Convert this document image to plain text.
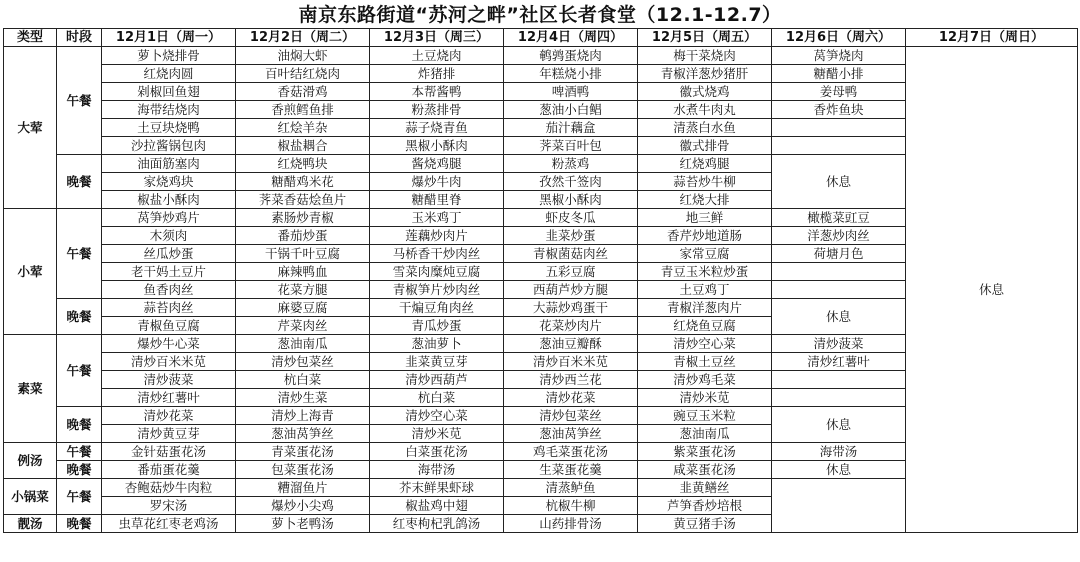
南京东路街道“苏河之畔”社区长者食堂（12.1-12.7）
类型	时段	12月1日（周一）	12月2日（周二）	12月3日（周三）	12月4日（周四）	12月5日（周五）	12月6日（周六）	12月7日（周日）
大荤	午餐	萝卜烧排骨	油焖大虾	土豆烧肉	鹌鹑蛋烧肉	梅干菜烧肉	莴笋烧肉	休息
		红烧肉圆	百叶结红烧肉	炸猪排	年糕烧小排	青椒洋葱炒猪肝	糖醋小排	
		剁椒回鱼翅	香菇滑鸡	本帮酱鸭	啤酒鸭	徽式烧鸡	姜母鸭	
		海带结烧肉	香煎鳕鱼排	粉蒸排骨	葱油小白鲳	水煮牛肉丸	香炸鱼块	
		土豆块烧鸭	红烩羊杂	蒜子烧青鱼	茄汁藕盒	清蒸白水鱼		
		沙拉酱锅包肉	椒盐耦合	黑椒小酥肉	荠菜百叶包	徽式排骨		
	晚餐	油面筋塞肉	红烧鸭块	酱烧鸡腿	粉蒸鸡	红烧鸡腿	休息	
		家烧鸡块	糖醋鸡米花	爆炒牛肉	孜然千签肉	蒜苔炒牛柳		
		椒盐小酥肉	荠菜香菇烩鱼片	糖醋里脊	黑椒小酥肉	红烧大排		
小荤	午餐	莴笋炒鸡片	素肠炒青椒	玉米鸡丁	虾皮冬瓜	地三鲜	橄榄菜豇豆	
		木须肉	番茄炒蛋	莲藕炒肉片	韭菜炒蛋	香芹炒地道肠	洋葱炒肉丝	
		丝瓜炒蛋	干锅千叶豆腐	马桥香干炒肉丝	青椒菌菇肉丝	家常豆腐	荷塘月色	
		老干妈土豆片	麻辣鸭血	雪菜肉糜炖豆腐	五彩豆腐	青豆玉米粒炒蛋		
		鱼香肉丝	花菜方腿	青椒笋片炒肉丝	西葫芦炒方腿	土豆鸡丁		
	晚餐	蒜苔肉丝	麻婆豆腐	干煸豆角肉丝	大蒜炒鸡蛋干	青椒洋葱肉片	休息	
		青椒鱼豆腐	芹菜肉丝	青瓜炒蛋	花菜炒肉片	红烧鱼豆腐		
素菜	午餐	爆炒牛心菜	葱油南瓜	葱油萝卜	葱油豆瓣酥	清炒空心菜	清炒菠菜	
		清炒百米米苋	清炒包菜丝	韭菜黄豆芽	清炒百米米苋	青椒土豆丝	清炒红薯叶	
		清炒菠菜	杭白菜	清炒西葫芦	清炒西兰花	清炒鸡毛菜		
		清炒红薯叶	清炒生菜	杭白菜	清炒花菜	清炒米苋		
	晚餐	清炒花菜	清炒上海青	清炒空心菜	清炒包菜丝	豌豆玉米粒	休息	
		清炒黄豆芽	葱油莴笋丝	清炒米苋	葱油莴笋丝	葱油南瓜		
例汤	午餐	金针菇蛋花汤	青菜蛋花汤	白菜蛋花汤	鸡毛菜蛋花汤	紫菜蛋花汤	海带汤	
	晚餐	番茄蛋花羹	包菜蛋花汤	海带汤	生菜蛋花羹	咸菜蛋花汤	休息	
小锅菜	午餐	杏鲍菇炒牛肉粒	糟溜鱼片	芥末鲜果虾球	清蒸鲈鱼	韭黄鳝丝		
		罗宋汤	爆炒小尖鸡	椒盐鸡中翅	杭椒牛柳	芦笋香炒培根		
靓汤	晚餐	虫草花红枣老鸡汤	萝卜老鸭汤	红枣枸杞乳鸽汤	山药排骨汤	黄豆猪手汤		
